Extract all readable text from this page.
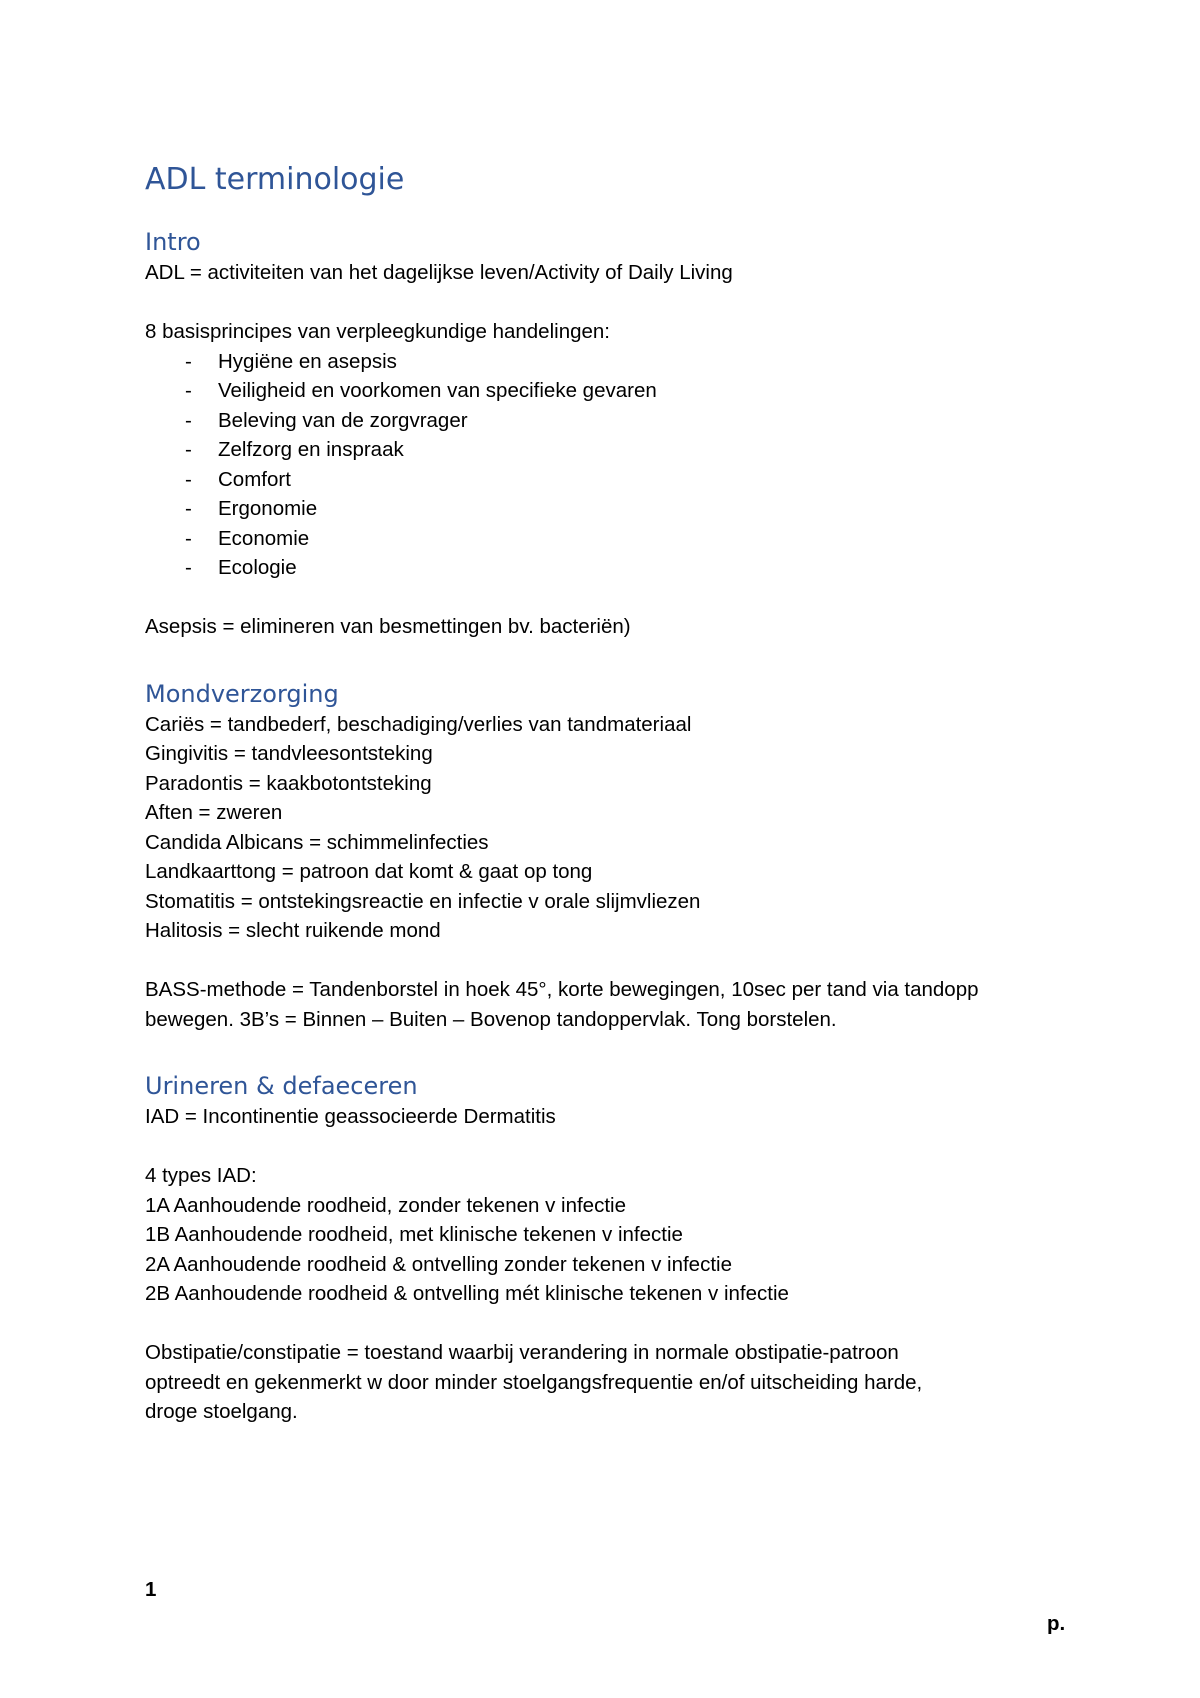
ADL terminologie
Intro

ADL = activiteiten van het dagelijkse leven/Activity of Daily Living

8 basisprincipes van verpleegkundige handelingen:

- Hygiëne en asepsis
- Veiligheid en voorkomen van specifieke gevaren
- Beleving van de zorgvrager
- Zelfzorg en inspraak
- Comfort
- Ergonomie
- Economie
- Ecologie

Asepsis = elimineren van besmettingen bv. bacteriën)

Mondverzorging

Cariës = tandbederf, beschadiging/verlies van tandmateriaal

Gingivitis = tandvleesontsteking

Paradontis = kaakbotontsteking

Aften = zweren

Candida Albicans = schimmelinfecties

Landkaarttong = patroon dat komt & gaat op tong

Stomatitis = ontstekingsreactie en infectie v orale slijmvliezen

Halitosis = slecht ruikende mond

BASS-methode = Tandenborstel in hoek 45°, korte bewegingen, 10sec per tand via tandopp

bewegen. 3B’s = Binnen – Buiten – Bovenop tandoppervlak. Tong borstelen.

Urineren & defaeceren

IAD = Incontinentie geassocieerde Dermatitis

4 types IAD:

1A Aanhoudende roodheid, zonder tekenen v infectie

1B Aanhoudende roodheid, met klinische tekenen v infectie

2A Aanhoudende roodheid & ontvelling zonder tekenen v infectie

2B Aanhoudende roodheid & ontvelling mét klinische tekenen v infectie

Obstipatie/constipatie = toestand waarbij verandering in normale obstipatie-patroon

optreedt en gekenmerkt w door minder stoelgangsfrequentie en/of uitscheiding harde,

droge stoelgang.

1
p.
